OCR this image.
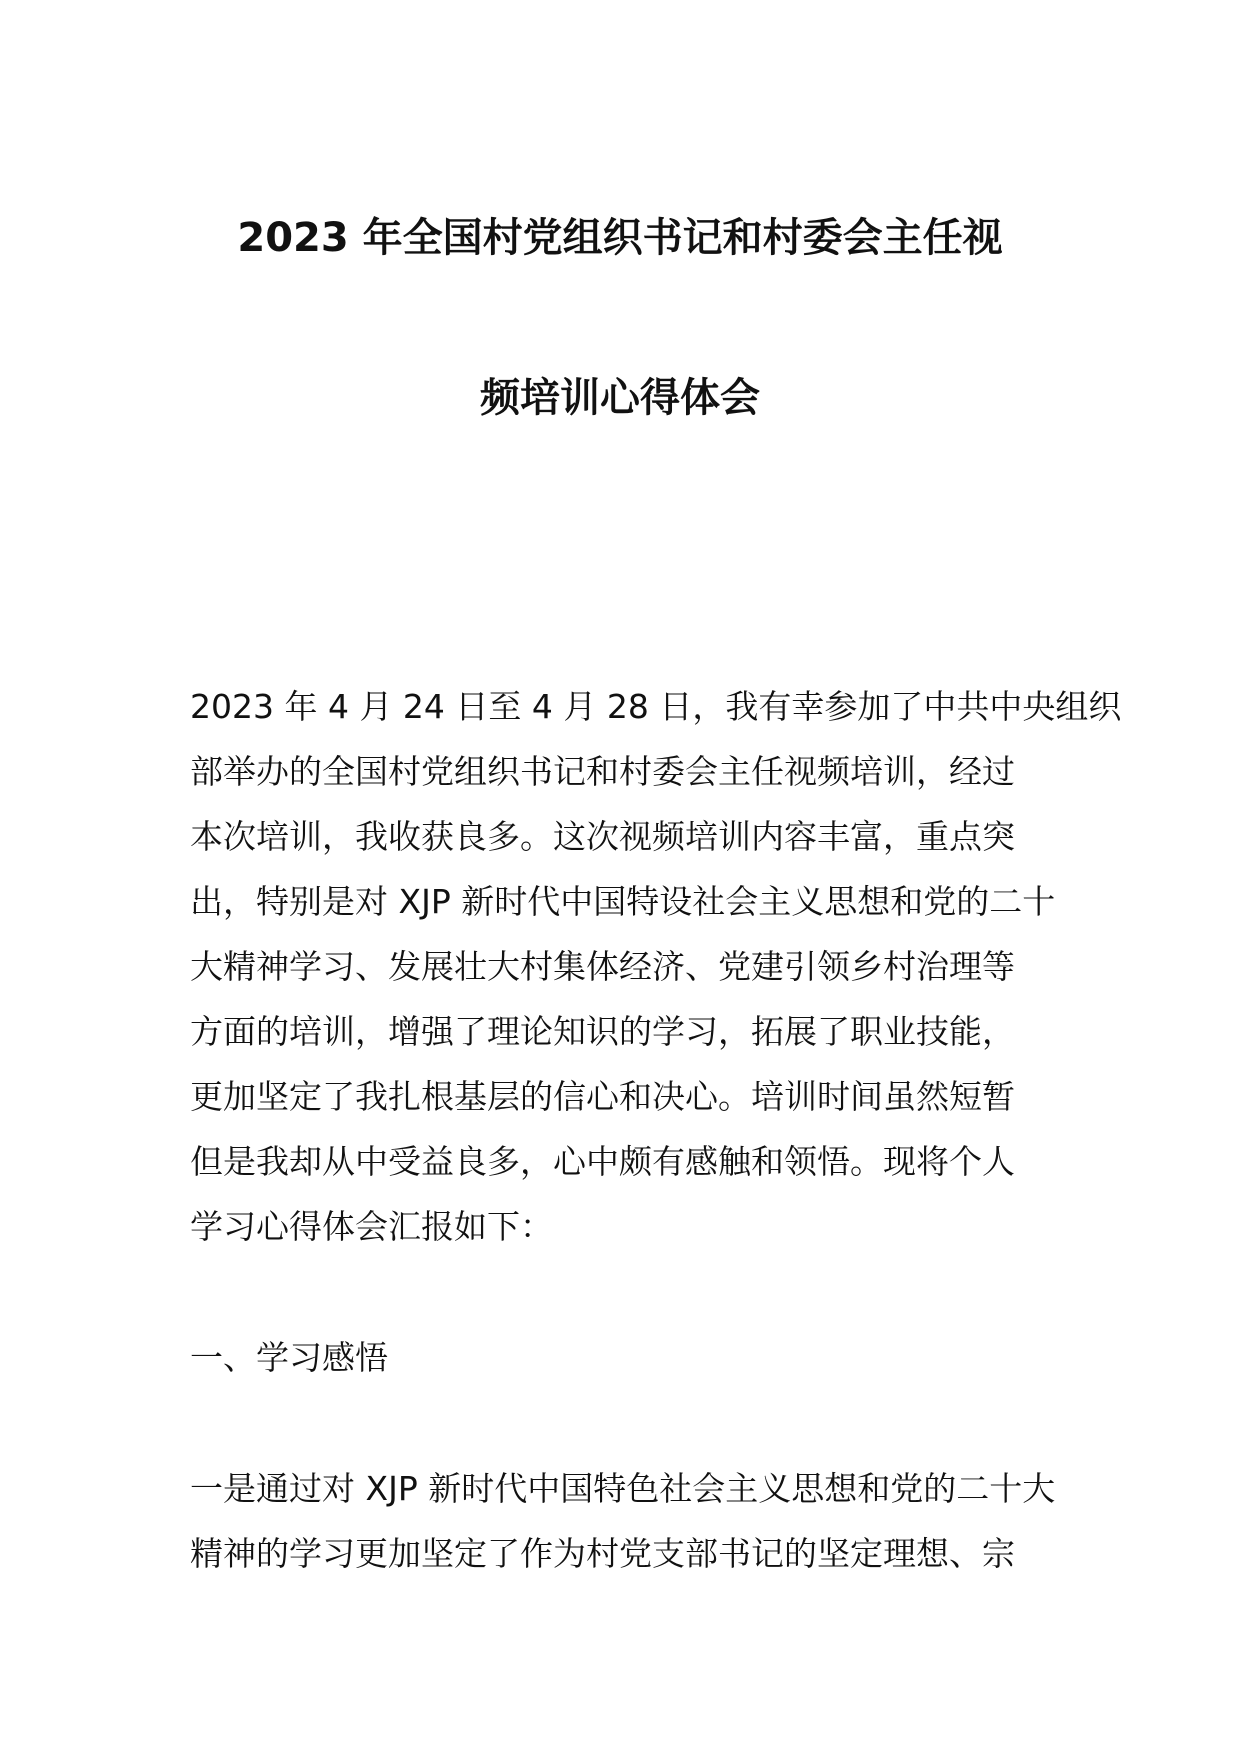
2023 年全国村党组织书记和村委会主任视
频培训心得体会
2023 年 4 月 24 日至 4 月 28 日，我有幸参加了中共中央组织
部举办的全国村党组织书记和村委会主任视频培训，经过
本次培训，我收获良多。这次视频培训内容丰富，重点突
出，特别是对 XJP 新时代中国特设社会主义思想和党的二十
大精神学习、发展壮大村集体经济、党建引领乡村治理等
方面的培训，增强了理论知识的学习，拓展了职业技能，
更加坚定了我扎根基层的信心和决心。培训时间虽然短暂
但是我却从中受益良多，心中颇有感触和领悟。现将个人
学习心得体会汇报如下：
一、学习感悟
一是通过对 XJP 新时代中国特色社会主义思想和党的二十大
精神的学习更加坚定了作为村党支部书记的坚定理想、宗
